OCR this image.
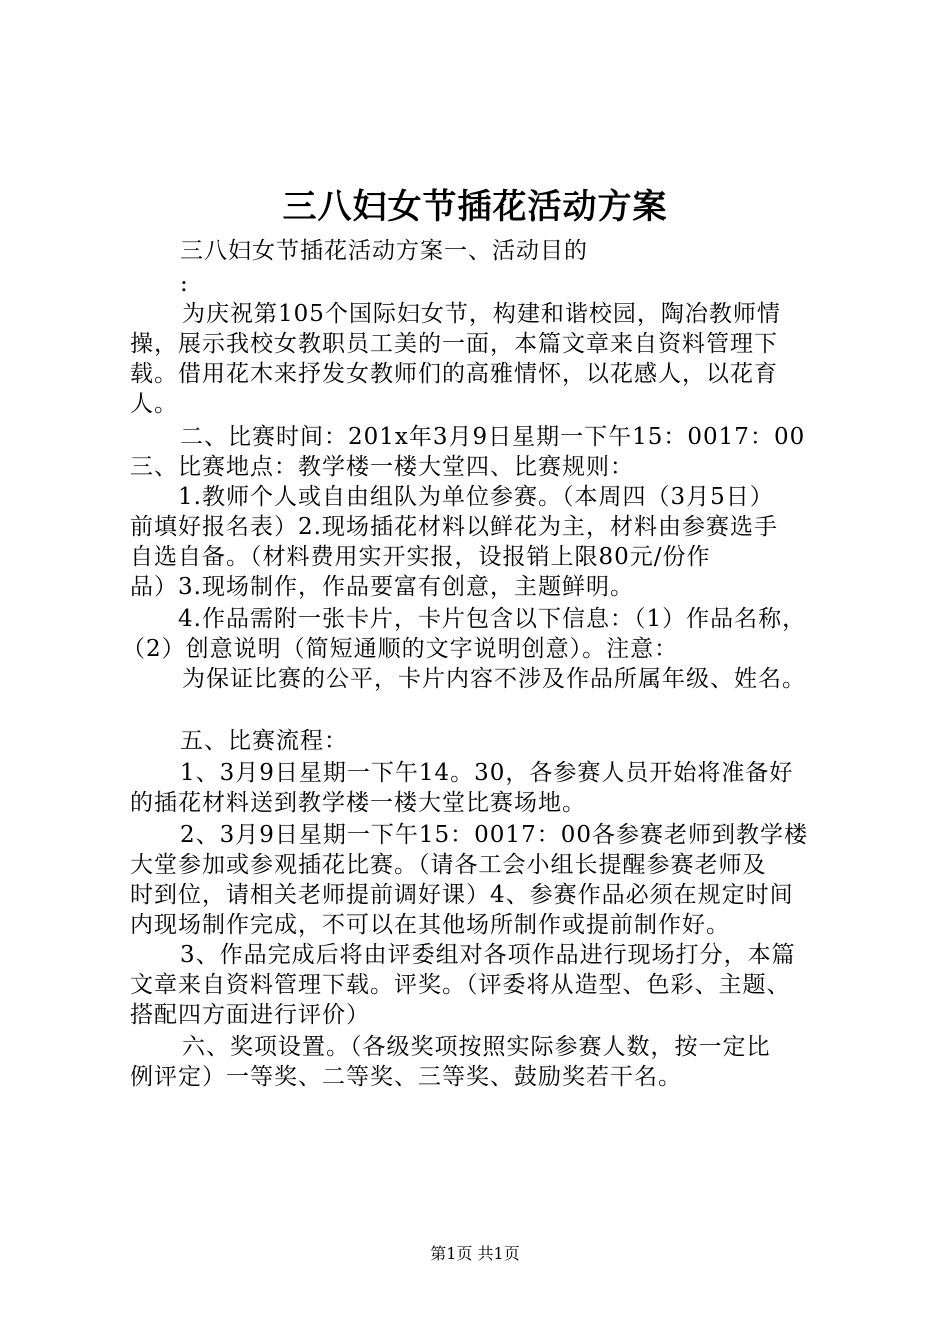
三八妇女节插花活动方案
三八妇女节插花活动方案一、活动目的
:
为庆祝第105个国际妇女节，构建和谐校园，陶冶教师情
操，展示我校女教职员工美的一面，本篇文章来自资料管理下
载。借用花木来抒发女教师们的高雅情怀，以花感人，以花育
人。
二、比赛时间：201x年3月9日星期一下午15：0017：00
三、比赛地点：教学楼一楼大堂四、比赛规则：
1.教师个人或自由组队为单位参赛。（本周四（3月5日）
前填好报名表）2.现场插花材料以鲜花为主，材料由参赛选手
自选自备。（材料费用实开实报，设报销上限80元/份作
品）3.现场制作，作品要富有创意，主题鲜明。
4.作品需附一张卡片，卡片包含以下信息：（1）作品名称，
（2）创意说明（简短通顺的文字说明创意）。注意：
为保证比赛的公平，卡片内容不涉及作品所属年级、姓名。
五、比赛流程：
1、3月9日星期一下午14。30，各参赛人员开始将准备好
的插花材料送到教学楼一楼大堂比赛场地。
2、3月9日星期一下午15：0017：00各参赛老师到教学楼
大堂参加或参观插花比赛。（请各工会小组长提醒参赛老师及
时到位，请相关老师提前调好课）4、参赛作品必须在规定时间
内现场制作完成，不可以在其他场所制作或提前制作好。
3、作品完成后将由评委组对各项作品进行现场打分，本篇
文章来自资料管理下载。评奖。（评委将从造型、色彩、主题、
搭配四方面进行评价）
六、奖项设置。（各级奖项按照实际参赛人数，按一定比
例评定）一等奖、二等奖、三等奖、鼓励奖若干名。
第1页 共1页
